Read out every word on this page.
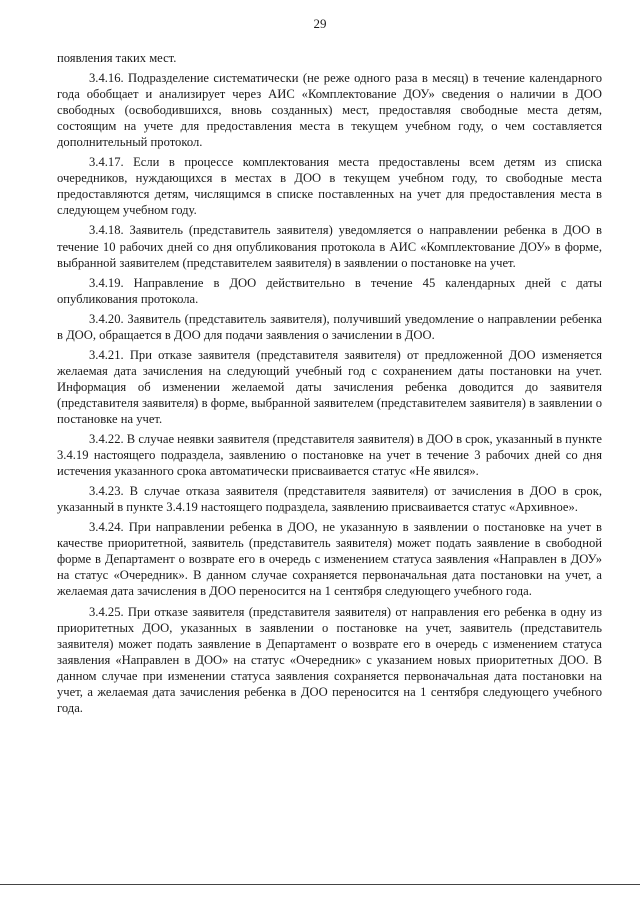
29

появления таких мест.

3.4.16. Подразделение систематически (не реже одного раза в месяц) в течение календарного года обобщает и анализирует через АИС «Комплектование ДОУ» сведения о наличии в ДОО свободных (освободившихся, вновь созданных) мест, предоставляя свободные места детям, состоящим на учете для предоставления места в текущем учебном году, о чем составляется дополнительный протокол.

3.4.17. Если в процессе комплектования места предоставлены всем детям из списка очередников, нуждающихся в местах в ДОО в текущем учебном году, то свободные места предоставляются детям, числящимся в списке поставленных на учет для предоставления места в следующем учебном году.

3.4.18. Заявитель (представитель заявителя) уведомляется о направлении ребенка в ДОО в течение 10 рабочих дней со дня опубликования протокола в АИС «Комплектование ДОУ» в форме, выбранной заявителем (представителем заявителя) в заявлении о постановке на учет.

3.4.19. Направление в ДОО действительно в течение 45 календарных дней с даты опубликования протокола.

3.4.20. Заявитель (представитель заявителя), получивший уведомление о направлении ребенка в ДОО, обращается в ДОО для подачи заявления о зачислении в ДОО.

3.4.21. При отказе заявителя (представителя заявителя) от предложенной ДОО изменяется желаемая дата зачисления на следующий учебный год с сохранением даты постановки на учет. Информация об изменении желаемой даты зачисления ребенка доводится до заявителя (представителя заявителя) в форме, выбранной заявителем (представителем заявителя) в заявлении о постановке на учет.

3.4.22. В случае неявки заявителя (представителя заявителя) в ДОО в срок, указанный в пункте 3.4.19 настоящего подраздела, заявлению о постановке на учет в течение 3 рабочих дней со дня истечения указанного срока автоматически присваивается статус «Не явился».

3.4.23. В случае отказа заявителя (представителя заявителя) от зачисления в ДОО в срок, указанный в пункте 3.4.19 настоящего подраздела, заявлению присваивается статус «Архивное».

3.4.24. При направлении ребенка в ДОО, не указанную в заявлении о постановке на учет в качестве приоритетной, заявитель (представитель заявителя) может подать заявление в свободной форме в Департамент о возврате его в очередь с изменением статуса заявления «Направлен в ДОУ» на статус «Очередник». В данном случае сохраняется первоначальная дата постановки на учет, а желаемая дата зачисления в ДОО переносится на 1 сентября следующего учебного года.

3.4.25. При отказе заявителя (представителя заявителя) от направления его ребенка в одну из приоритетных ДОО, указанных в заявлении о постановке на учет, заявитель (представитель заявителя) может подать заявление в Департамент о возврате его в очередь с изменением статуса заявления «Направлен в ДОО» на статус «Очередник» с указанием новых приоритетных ДОО. В данном случае при изменении статуса заявления сохраняется первоначальная дата постановки на учет, а желаемая дата зачисления ребенка в ДОО переносится на 1 сентября следующего учебного года.
